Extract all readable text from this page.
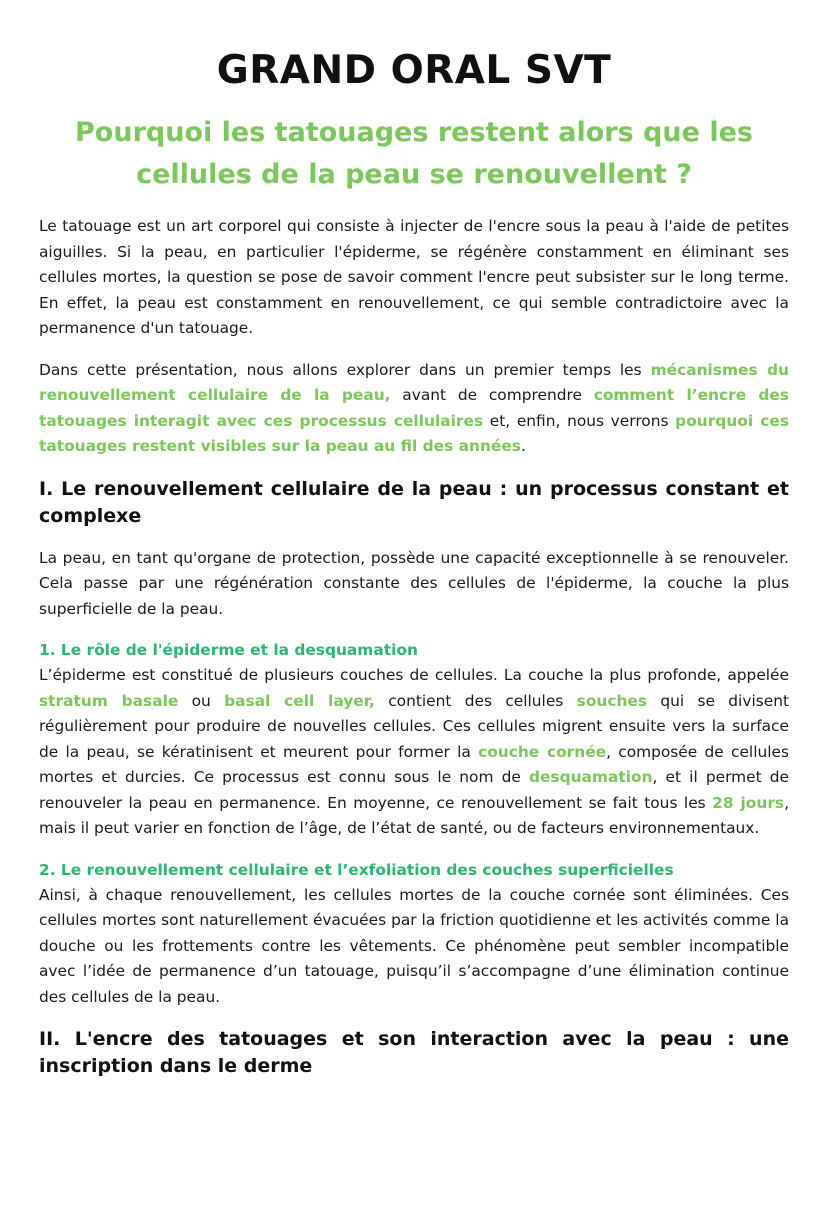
GRAND ORAL SVT
Pourquoi les tatouages restent alors que les cellules de la peau se renouvellent ?

Le tatouage est un art corporel qui consiste à injecter de l'encre sous la peau à l'aide de petites aiguilles. Si la peau, en particulier l'épiderme, se régénère constamment en éliminant ses cellules mortes, la question se pose de savoir comment l'encre peut subsister sur le long terme. En effet, la peau est constamment en renouvellement, ce qui semble contradictoire avec la permanence d'un tatouage.

Dans cette présentation, nous allons explorer dans un premier temps les mécanismes du renouvellement cellulaire de la peau, avant de comprendre comment l’encre des tatouages interagit avec ces processus cellulaires et, enfin, nous verrons pourquoi ces tatouages restent visibles sur la peau au fil des années.

I. Le renouvellement cellulaire de la peau : un processus constant et complexe

La peau, en tant qu'organe de protection, possède une capacité exceptionnelle à se renouveler. Cela passe par une régénération constante des cellules de l'épiderme, la couche la plus superficielle de la peau.

1. Le rôle de l'épiderme et la desquamation

L’épiderme est constitué de plusieurs couches de cellules. La couche la plus profonde, appelée stratum basale ou basal cell layer, contient des cellules souches qui se divisent régulièrement pour produire de nouvelles cellules. Ces cellules migrent ensuite vers la surface de la peau, se kératinisent et meurent pour former la couche cornée, composée de cellules mortes et durcies. Ce processus est connu sous le nom de desquamation, et il permet de renouveler la peau en permanence. En moyenne, ce renouvellement se fait tous les 28 jours, mais il peut varier en fonction de l’âge, de l’état de santé, ou de facteurs environnementaux.

2. Le renouvellement cellulaire et l’exfoliation des couches superficielles

Ainsi, à chaque renouvellement, les cellules mortes de la couche cornée sont éliminées. Ces cellules mortes sont naturellement évacuées par la friction quotidienne et les activités comme la douche ou les frottements contre les vêtements. Ce phénomène peut sembler incompatible avec l’idée de permanence d’un tatouage, puisqu’il s’accompagne d’une élimination continue des cellules de la peau.

II. L'encre des tatouages et son interaction avec la peau : une inscription dans le derme
